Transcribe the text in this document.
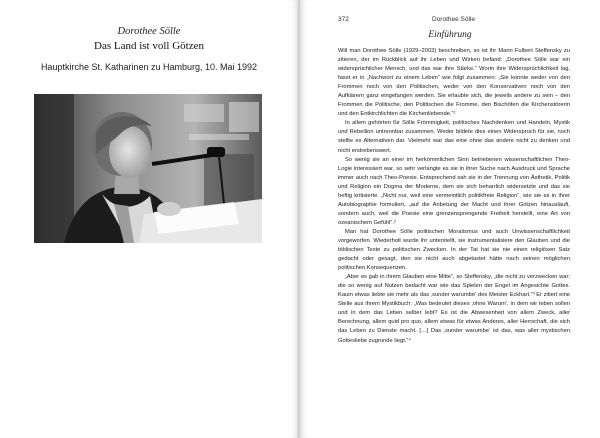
Dorothee Sölle
Das Land ist voll Götzen
Hauptkirche St. Katharinen zu Hamburg, 10. Mai 1992
372	Dorothee Sölle
Einführung

Will man Dorothee Sölle (1929–2003) beschreiben, so ist ihr Mann Fulbert Steffensky zu zitieren, der im Rückblick auf ihr Leben und Wirken befand: „Dorothee Sölle war ein widersprüchlicher Mensch, und das war ihre Stärke.“ Worin ihre Widersprüchlichkeit lag, fasst er in „Nachwort zu einem Leben“ wie folgt zusammen: „Sie konnte weder von den Frommen noch von den Politischen, weder von den Konservativen noch von den Aufklärern ganz eingefangen werden. Sie erlaubte sich, die jeweils andere zu sein – den Frommen die Politische, den Politischen die Fromme, den Bischöfen die Kirchenstörerin und den Entkirchlichten die Kirchenliebende.“¹

In allem gehörten für Sölle Frömmigkeit, politisches Nachdenken und Handeln, Mystik und Rebellion untrennbar zusammen. Weder bildete dies einen Widerspruch für sie, noch stellte es Alternativen dar. Vielmehr war das eine ohne das andere nicht zu denken und nicht erstrebenswert.

So wenig sie an einer im herkömmlichen Sinn betriebenen wissenschaftlichen Theo-Logie interessiert war, so sehr verlangte es sie in ihrer Suche nach Ausdruck und Sprache immer auch nach Theo-Poesie. Entsprechend sah sie in der Trennung von Ästhetik, Politik und Religion ein Dogma der Moderne, dem sie sich beharrlich widersetzte und das sie heftig kritisierte. „Nicht nur, weil eine vermeintlich politikfreie Religion“, wie sie es in ihrer Autobiographie formuliert, „auf die Anbetung der Macht und ihrer Götzen hinausläuft, sondern auch, weil die Poesie eine grenzensprengende Freiheit herstellt, eine Art von ozeanischem Gefühl“.²

Man hat Dorothee Sölle politischen Moralismus und auch Unwissenschaftlichkeit vorgeworfen. Wiederholt wurde ihr unterstellt, sie instrumentalisiere den Glauben und die biblischen Texte zu politischen Zwecken. In der Tat hat sie nie einen religiösen Satz gedacht oder gesagt, den sie nicht auch abgetastet hätte nach seinen möglichen politischen Konsequenzen.

„Aber es gab in ihrem Glauben eine Mitte“, so Steffensky, „die nicht zu verzwecken war; die so wenig auf Nutzen bedacht war wie das Spielen der Engel im Angesichte Gottes. Kaum etwas liebte sie mehr als das ‚sunder warumbe‘ des Meister Eckhart.“³ Er zitiert eine Stelle aus ihrem Mystikbuch: „Was bedeutet dieses ‚ohne Warum‘, in dem wir leben sollen und in dem das Leben selber lebt? Es ist die Abwesenheit von allem Zweck, aller Berechnung, allem quid pro quo, allem etwas für etwas Anderes, aller Herrschaft, die sich das Leben zu Dienste macht. […] Das ‚sunder warumbe‘ ist das, was aller mystischen Gottesliebe zugrunde liegt.“⁴
